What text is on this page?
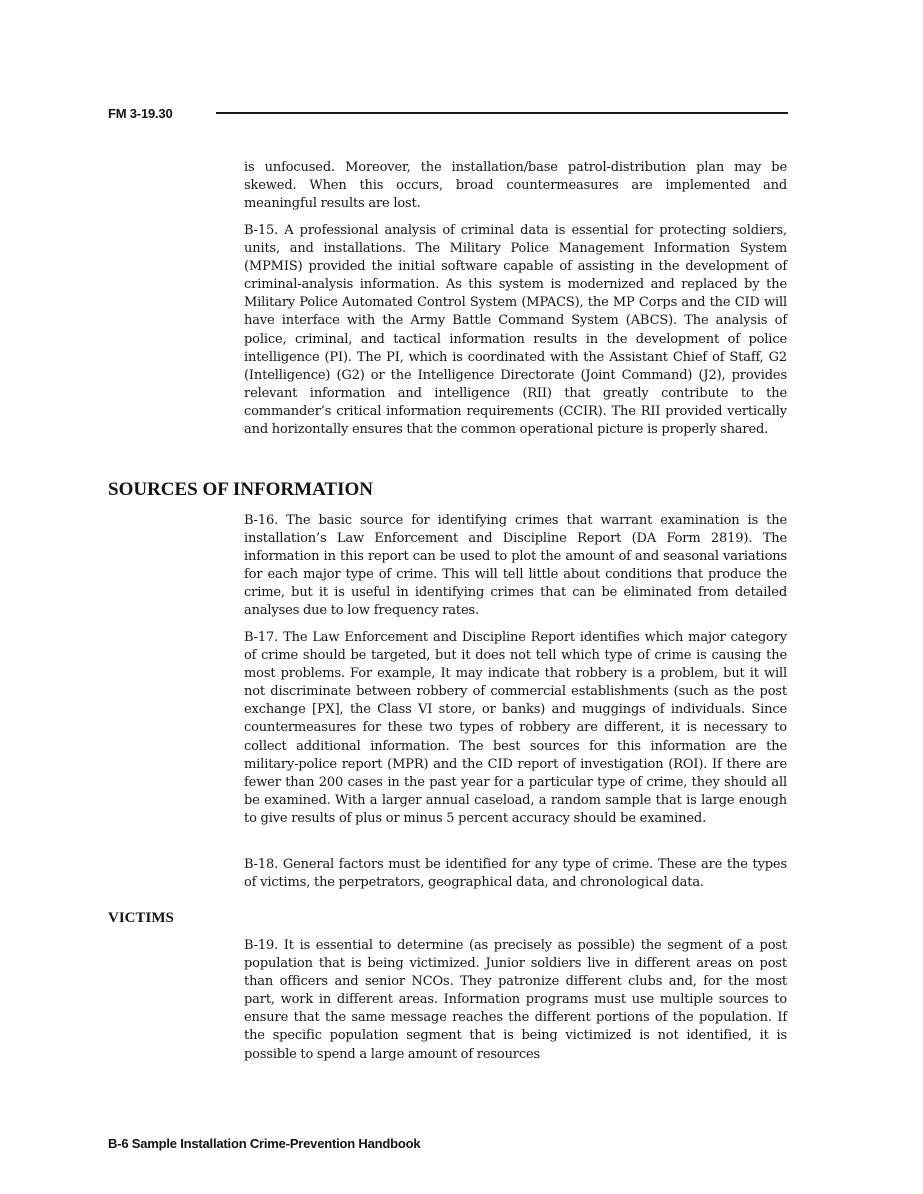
FM 3-19.30

is unfocused. Moreover, the installation/base patrol-distribution plan may be skewed. When this occurs, broad countermeasures are implemented and meaningful results are lost.

B-15. A professional analysis of criminal data is essential for protecting soldiers, units, and installations. The Military Police Management Information System (MPMIS) provided the initial software capable of assisting in the development of criminal-analysis information. As this system is modernized and replaced by the Military Police Automated Control System (MPACS), the MP Corps and the CID will have interface with the Army Battle Command System (ABCS). The analysis of police, criminal, and tactical information results in the development of police intelligence (PI). The PI, which is coordinated with the Assistant Chief of Staff, G2 (Intelligence) (G2) or the Intelligence Directorate (Joint Command) (J2), provides relevant information and intelligence (RII) that greatly contribute to the commander’s critical information requirements (CCIR). The RII provided vertically and horizontally ensures that the common operational picture is properly shared.

SOURCES OF INFORMATION

B-16. The basic source for identifying crimes that warrant examination is the installation’s Law Enforcement and Discipline Report (DA Form 2819). The information in this report can be used to plot the amount of and seasonal variations for each major type of crime. This will tell little about conditions that produce the crime, but it is useful in identifying crimes that can be eliminated from detailed analyses due to low frequency rates.

B-17. The Law Enforcement and Discipline Report identifies which major category of crime should be targeted, but it does not tell which type of crime is causing the most problems. For example, It may indicate that robbery is a problem, but it will not discriminate between robbery of commercial establishments (such as the post exchange [PX], the Class VI store, or banks) and muggings of individuals. Since countermeasures for these two types of robbery are different, it is necessary to collect additional information. The best sources for this information are the military-police report (MPR) and the CID report of investigation (ROI). If there are fewer than 200 cases in the past year for a particular type of crime, they should all be examined. With a larger annual caseload, a random sample that is large enough to give results of plus or minus 5 percent accuracy should be examined.

B-18. General factors must be identified for any type of crime. These are the types of victims, the perpetrators, geographical data, and chronological data.

VICTIMS

B-19. It is essential to determine (as precisely as possible) the segment of a post population that is being victimized. Junior soldiers live in different areas on post than officers and senior NCOs. They patronize different clubs and, for the most part, work in different areas. Information programs must use multiple sources to ensure that the same message reaches the different portions of the population. If the specific population segment that is being victimized is not identified, it is possible to spend a large amount of resources

B-6 Sample Installation Crime-Prevention Handbook
